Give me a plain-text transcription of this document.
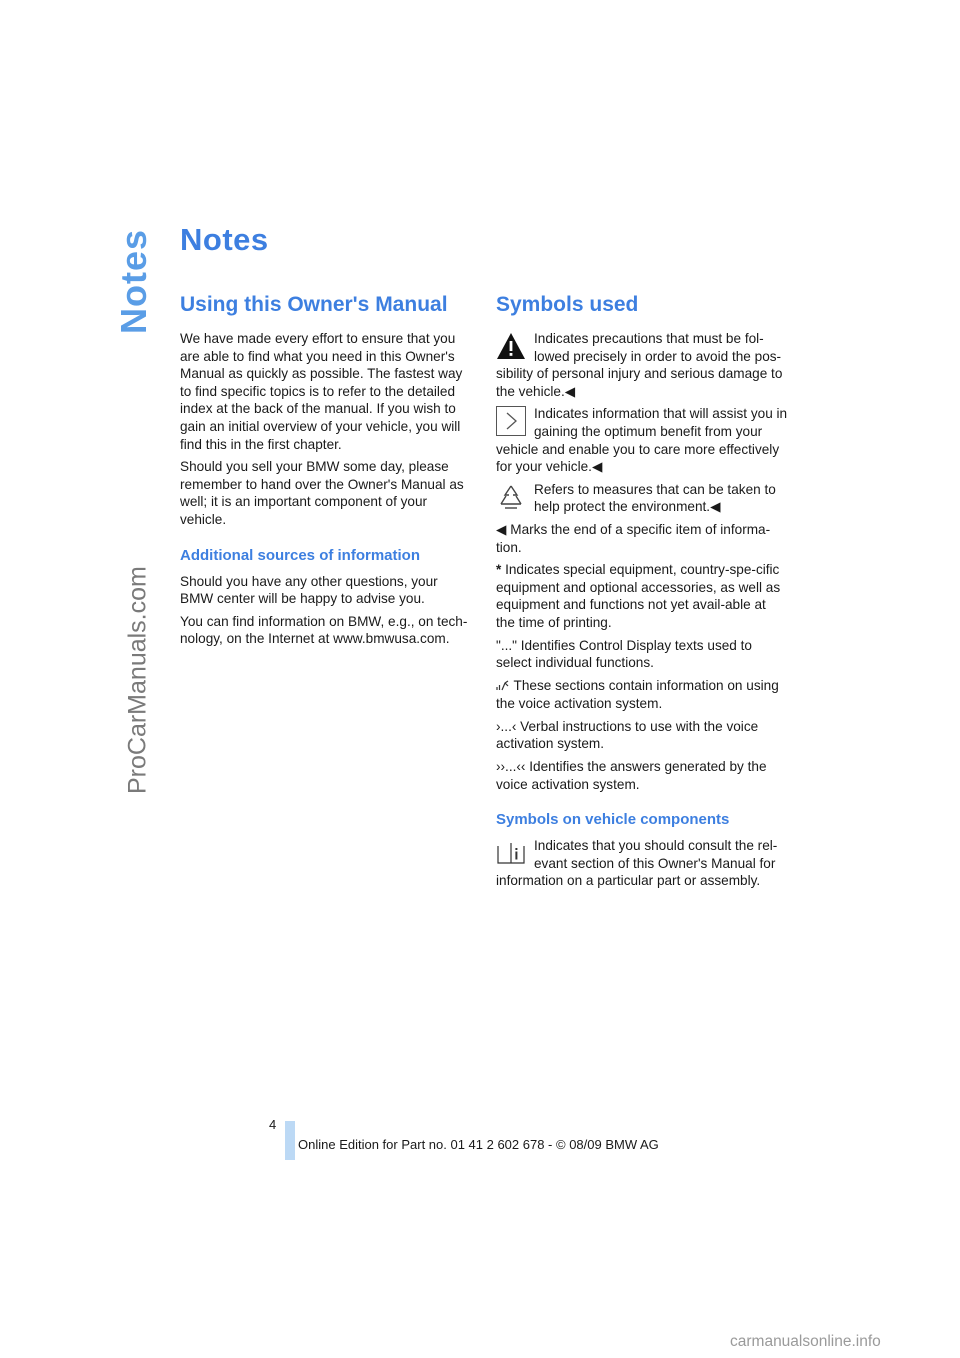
Notes
ProCarManuals.com
Notes
Using this Owner's Manual

We have made every effort to ensure that you are able to find what you need in this Owner's Manual as quickly as possible. The fastest way to find specific topics is to refer to the detailed index at the back of the manual. If you wish to gain an initial overview of your vehicle, you will find this in the first chapter.

Should you sell your BMW some day, please remember to hand over the Owner's Manual as well; it is an important component of your vehicle.

Additional sources of information

Should you have any other questions, your BMW center will be happy to advise you.

You can find information on BMW, e.g., on tech-nology, on the Internet at www.bmwusa.com.

Symbols used
Indicates precautions that must be fol-lowed precisely in order to avoid the pos-sibility of personal injury and serious damage to the vehicle.◀
Indicates information that will assist you in gaining the optimum benefit from your vehicle and enable you to care more effectively for your vehicle.◀
Refers to measures that can be taken to help protect the environment.◀

◀ Marks the end of a specific item of informa-tion.

* Indicates special equipment, country-spe-cific equipment and optional accessories, as well as equipment and functions not yet avail-able at the time of printing.

"..." Identifies Control Display texts used to select individual functions.

These sections contain information on using the voice activation system.

›...‹ Verbal instructions to use with the voice activation system.

››...‹‹ Identifies the answers generated by the voice activation system.

Symbols on vehicle components
Indicates that you should consult the rel-evant section of this Owner's Manual for information on a particular part or assembly.
4
Online Edition for Part no. 01 41 2 602 678 - © 08/09 BMW AG
carmanualsonline.info
